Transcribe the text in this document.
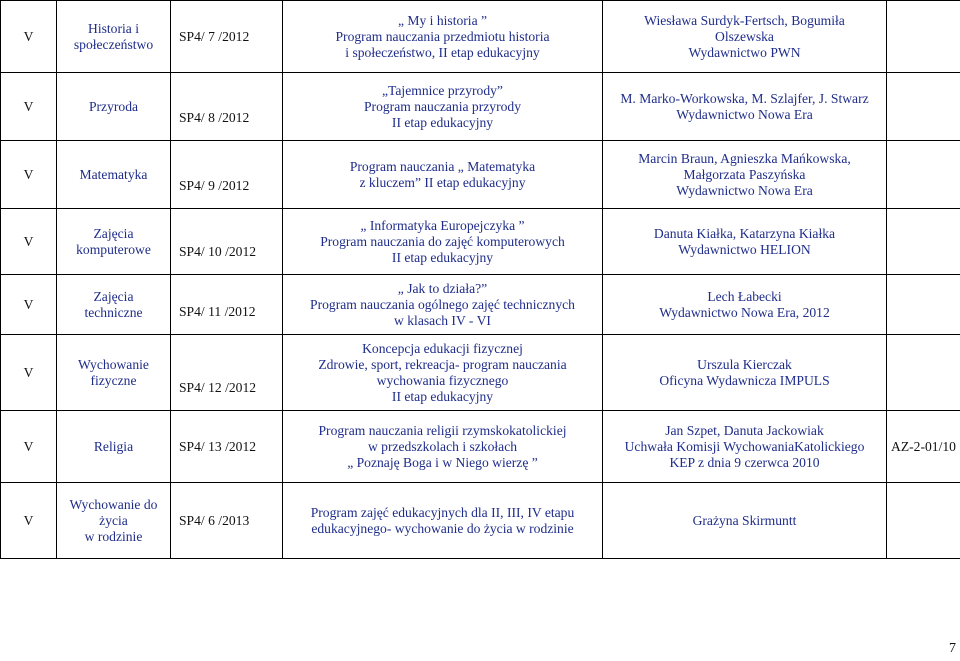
V	Historia i
społeczeństwo	SP4/ 7 /2012	„ My i historia ”
Program nauczania przedmiotu historia
i społeczeństwo, II etap edukacyjny	Wiesława Surdyk-Fertsch, Bogumiła
Olszewska
Wydawnictwo PWN	
V	Przyroda	SP4/ 8 /2012	„Tajemnice przyrody”
Program nauczania przyrody
II etap edukacyjny	M. Marko-Workowska, M. Szlajfer, J. Stwarz
Wydawnictwo Nowa Era	
V	Matematyka	SP4/ 9 /2012	Program nauczania „ Matematyka
z kluczem” II etap edukacyjny	Marcin Braun, Agnieszka Mańkowska,
Małgorzata Paszyńska
Wydawnictwo Nowa Era	
V	Zajęcia
komputerowe	SP4/ 10 /2012	„ Informatyka Europejczyka ”
Program nauczania do zajęć komputerowych
II etap edukacyjny	Danuta Kiałka, Katarzyna Kiałka
Wydawnictwo HELION	
V	Zajęcia
techniczne	SP4/ 11 /2012	„ Jak to działa?”
Program nauczania ogólnego zajęć technicznych
w klasach IV - VI	Lech Łabecki
Wydawnictwo Nowa Era, 2012	
V	Wychowanie
fizyczne	SP4/ 12 /2012	Koncepcja edukacji fizycznej
Zdrowie, sport, rekreacja- program nauczania
wychowania fizycznego
II etap edukacyjny	Urszula Kierczak
Oficyna Wydawnicza IMPULS	
V	Religia	SP4/ 13 /2012	Program nauczania religii rzymskokatolickiej
w przedszkolach i szkołach
„ Poznaję Boga i w Niego wierzę ”	Jan Szpet, Danuta Jackowiak
Uchwała Komisji WychowaniaKatolickiego
KEP z dnia 9 czerwca 2010	AZ-2-01/10
V	Wychowanie do
życia
w rodzinie	SP4/ 6 /2013	Program zajęć edukacyjnych dla II, III, IV etapu
edukacyjnego- wychowanie do życia w rodzinie	Grażyna Skirmuntt	
7
